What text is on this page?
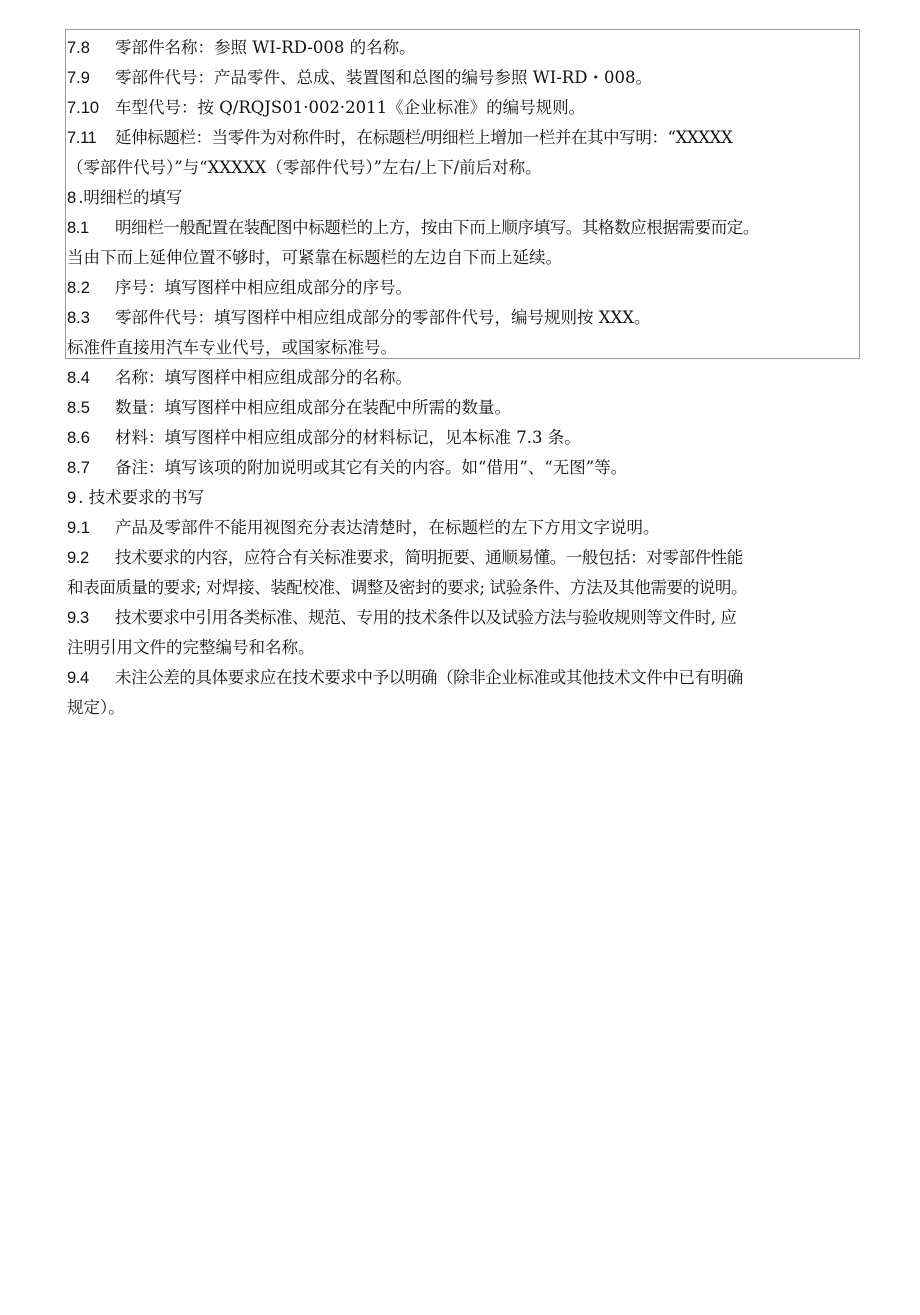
7.8 零部件名称：参照 WI-RD-008 的名称。
7.9 零部件代号：产品零件、总成、装置图和总图的编号参照 WI-RD・008。
7.10 车型代号：按 Q/RQJS01·002·2011《企业标准》的编号规则。
7.11 延伸标题栏：当零件为对称件时，在标题栏/明细栏上增加一栏并在其中写明：“XXXXX
（零部件代号）”与“XXXXX（零部件代号）”左右/上下/前后对称。
8 .明细栏的填写
8.1 明细栏一般配置在装配图中标题栏的上方，按由下而上顺序填写。其格数应根据需要而定。
当由下而上延伸位置不够时，可紧靠在标题栏的左边自下而上延续。
8.2 序号：填写图样中相应组成部分的序号。
8.3 零部件代号：填写图样中相应组成部分的零部件代号，编号规则按 XXX。
标准件直接用汽车专业代号，或国家标准号。
8.4 名称：填写图样中相应组成部分的名称。
8.5 数量：填写图样中相应组成部分在装配中所需的数量。
8.6 材料：填写图样中相应组成部分的材料标记，见本标准 7.3 条。
8.7 备注：填写该项的附加说明或其它有关的内容。如“借用”、“无图”等。
9 . 技术要求的书写
9.1 产品及零部件不能用视图充分表达清楚时，在标题栏的左下方用文字说明。
9.2 技术要求的内容，应符合有关标准要求，简明扼要、通顺易懂。一般包括：对零部件性能
和表面质量的要求; 对焊接、装配校准、调整及密封的要求; 试验条件、方法及其他需要的说明。
9.3 技术要求中引用各类标准、规范、专用的技术条件以及试验方法与验收规则等文件时, 应
注明引用文件的完整编号和名称。
9.4 未注公差的具体要求应在技术要求中予以明确（除非企业标准或其他技术文件中已有明确
规定）。
